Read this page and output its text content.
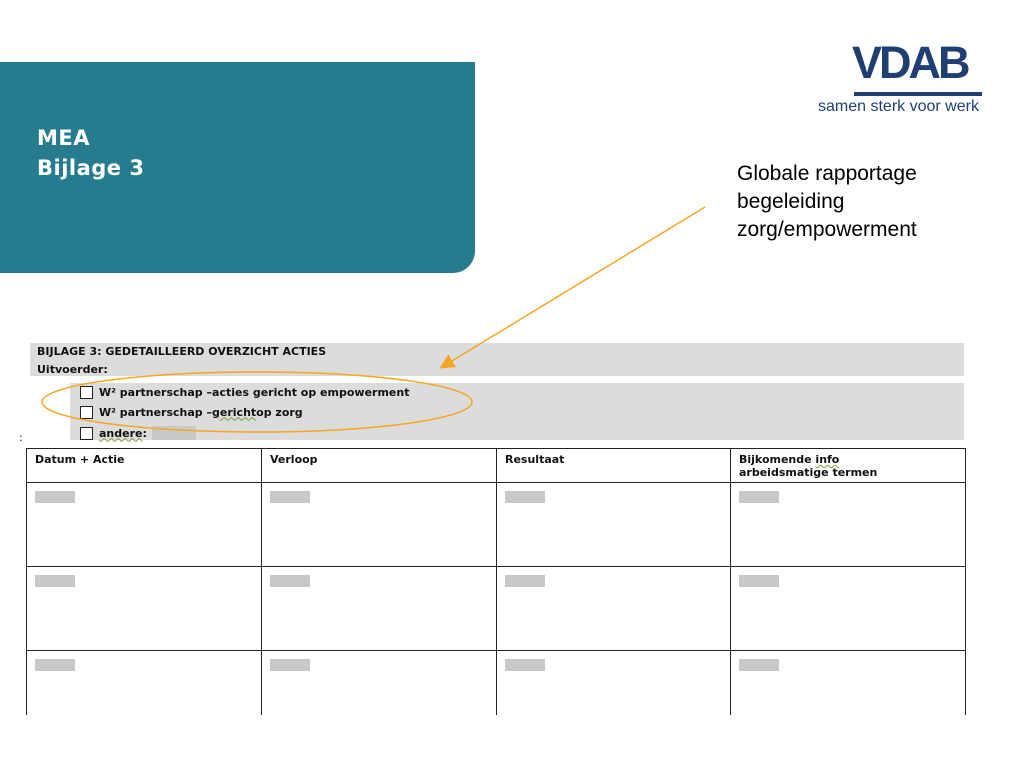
MEA
Bijlage 3
VDAB
samen sterk voor werk
Globale rapportage
begeleiding
zorg/empowerment
BIJLAGE 3: GEDETAILLEERD OVERZICHT ACTIES
Uitvoerder:
W² partnerschap – acties gericht op empowerment
W² partnerschap – gericht op zorg
andere :
:
Datum + Actie	Verloop	Resultaat	Bijkomende info
arbeidsmatige termen
